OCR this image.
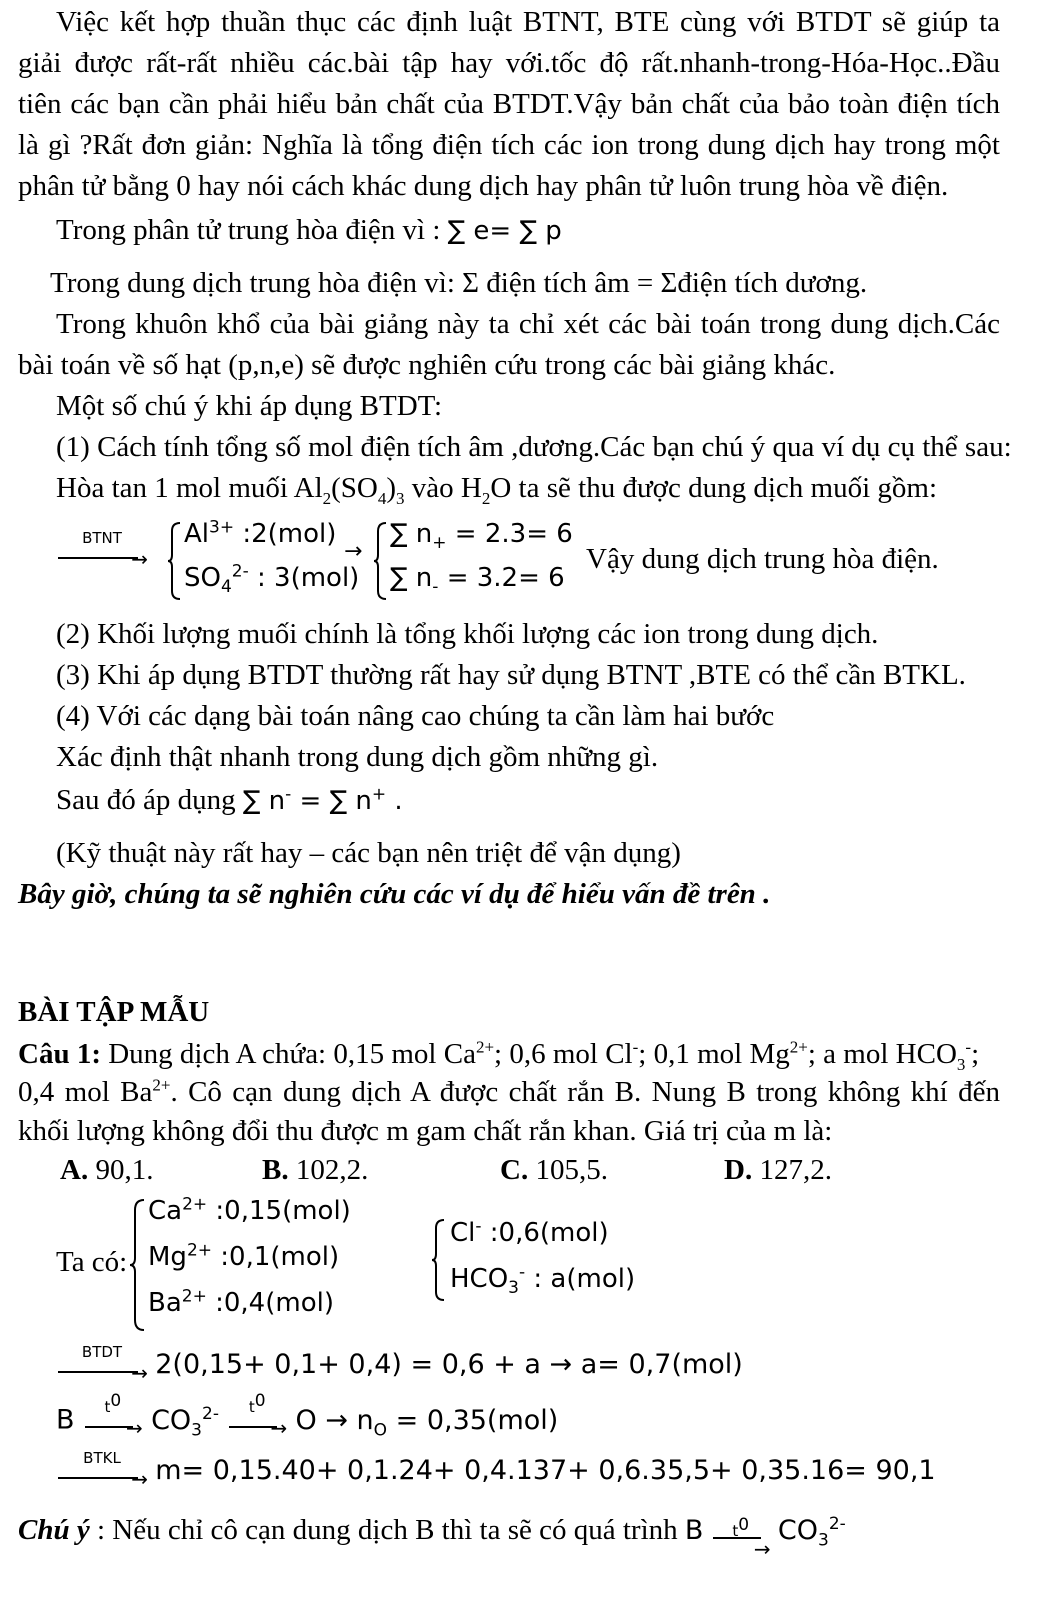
Việc kết hợp thuần thục các định luật BTNT, BTE cùng với BTDT sẽ giúp ta
giải được rất-rất nhiều các.bài tập hay với.tốc độ rất.nhanh-trong-Hóa-Học..Đầu
tiên các bạn cần phải hiểu bản chất của BTDT.Vậy bản chất của bảo toàn điện tích
là gì ?Rất đơn giản: Nghĩa là tổng điện tích các ion trong dung dịch hay trong một
phân tử bằng 0 hay nói cách khác dung dịch hay phân tử luôn trung hòa về điện.
Trong phân tử trung hòa điện vì : ∑ e= ∑ p
Trong dung dịch trung hòa điện vì: Σ điện tích âm = Σđiện tích dương.
Trong khuôn khổ của bài giảng này ta chỉ xét các bài toán trong dung dịch.Các
bài toán về số hạt (p,n,e) sẽ được nghiên cứu trong các bài giảng khác.
Một số chú ý khi áp dụng BTDT:
(1) Cách tính tổng số mol điện tích âm ,dương.Các bạn chú ý qua ví dụ cụ thể sau:
Hòa tan 1 mol muối $Al_2(SO_4)_3$ vào $H_2O$ ta sẽ thu được dung dịch muối gồm:
BTNT
→
$Al^{3+}$ :2(mol)
$SO_4^{2-}$ : 3(mol)
→
∑ $n_+ = 2.3= 6$
∑ $n_- = 3.2= 6$
Vậy dung dịch trung hòa điện.
(2) Khối lượng muối chính là tổng khối lượng các ion trong dung dịch.
(3) Khi áp dụng BTDT thường rất hay sử dụng BTNT ,BTE có thể cần BTKL.
(4) Với các dạng bài toán nâng cao chúng ta cần làm hai bước
Xác định thật nhanh trong dung dịch gồm những gì.
Sau đó áp dụng ∑ n- = ∑ n+ .
(Kỹ thuật này rất hay – các bạn nên triệt để vận dụng)
Bây giờ, chúng ta sẽ nghiên cứu các ví dụ để hiểu vấn đề trên .
BÀI TẬP MẪU
Câu 1: Dung dịch A chứa: 0,15 mol $Ca^{2+}$; 0,6 mol Cl-; 0,1 mol $Mg^{2+}$; a mol $HCO_3^-$;
0,4 mol $Ba^{2+}$. Cô cạn dung dịch A được chất rắn B. Nung B trong không khí đến
khối lượng không đổi thu được m gam chất rắn khan. Giá trị của m là:
A. 90,1.	B. 102,2.	C. 105,5.	D. 127,2.
Ta có:
$Ca^{2+}$ :0,15(mol)
$Mg^{2+}$ :0,1(mol)
$Ba^{2+}$ :0,4(mol)
Cl- :0,6(mol)
$HCO_3^-$ : a(mol)
BTDT
→ 2(0,15+ 0,1+ 0,4) = 0,6 + a → a= 0,7(mol)
B	$t^0$
→ $CO_3^{2-}$	$t^0$
→ $O \to n_O = 0,35(mol)$
BTKL
→ m= 0,15.40+ 0,1.24+ 0,4.137+ 0,6.35,5+ 0,35.16= 90,1
Chú ý : Nếu chỉ cô cạn dung dịch B thì ta sẽ có quá trình B	$t^0$
→
$CO_3^{2-}$
